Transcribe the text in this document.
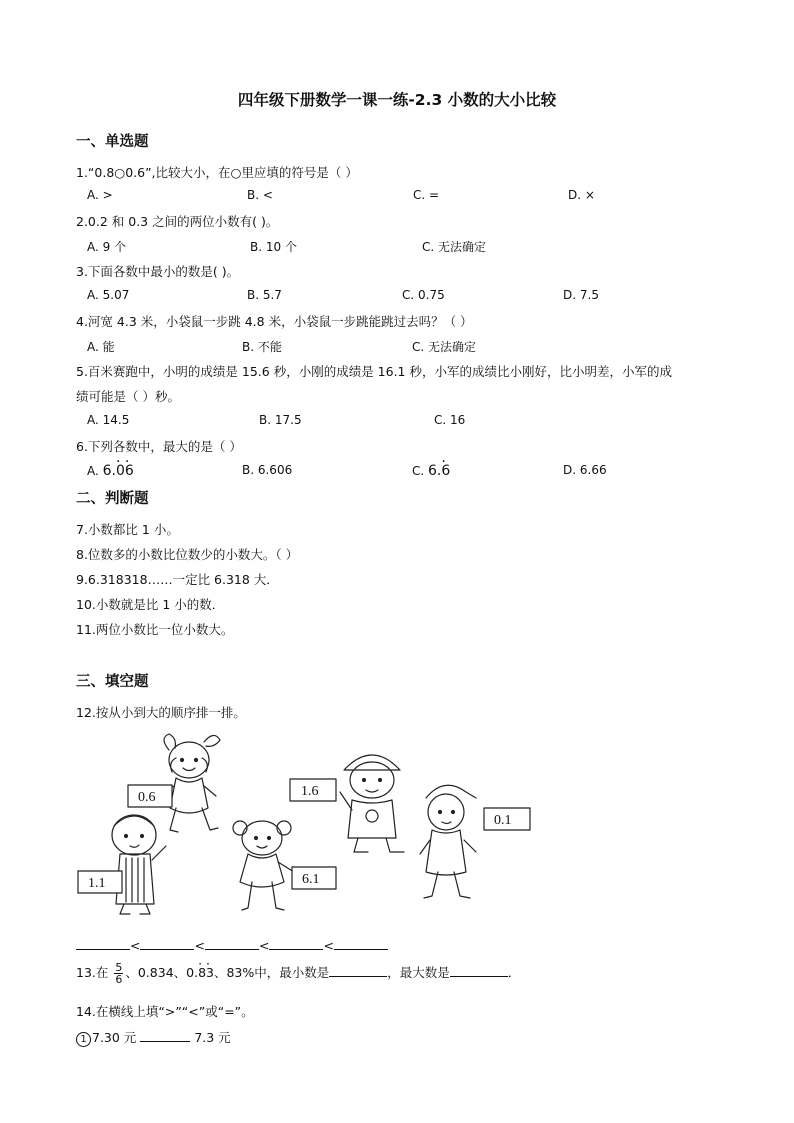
四年级下册数学一课一练-2.3 小数的大小比较
一、单选题
1.“0.8○0.6”,比较大小，在○里应填的符号是（ ）
A. >	B. <	C. =	D. ×
2.0.2 和 0.3 之间的两位小数有( )。
A. 9 个	B. 10 个	C. 无法确定
3.下面各数中最小的数是( )。
A. 5.07	B. 5.7	C. 0.75	D. 7.5
4.河宽 4.3 米，小袋鼠一步跳 4.8 米，小袋鼠一步跳能跳过去吗？（ ）
A. 能	B. 不能	C. 无法确定
5.百米赛跑中，小明的成绩是 15.6 秒，小刚的成绩是 16.1 秒，小军的成绩比小刚好，比小明差，小军的成
绩可能是（ ）秒。
A. 14.5	B. 17.5	C. 16
6.下列各数中，最大的是（ ）
A. 6.· 0· 6	B. 6.606	C. 6.· 6	D. 6.66
二、判断题
7.小数都比 1 小。
8.位数多的小数比位数少的小数大。（ ）
9.6.318318……一定比 6.318 大．
10.小数就是比 1 小的数．
11.两位小数比一位小数大。
三、填空题
12.按从小到大的顺序排一排。
0.6	1.6
0.1
1.1	6.1
<	<	<	<
13.在 $\frac{5}{6}$ 、0.834、0.· 8· 3、83%中，最小数是	，最大数是	．
14.在横线上填“>”“<”或“=”。
1 7.30 元	7.3 元
